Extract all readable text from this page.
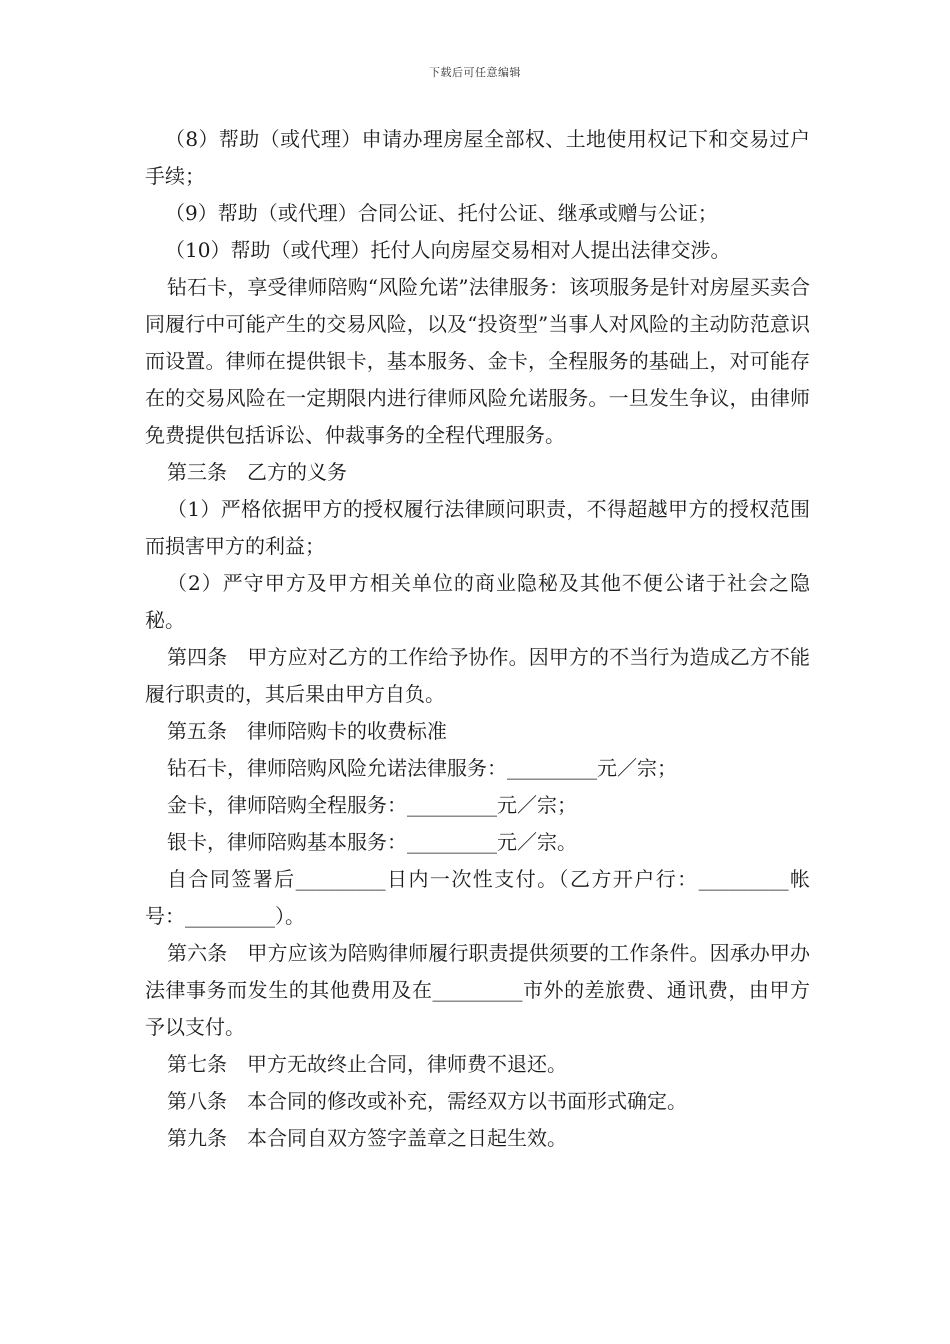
下载后可任意编辑

（8）帮助（或代理）申请办理房屋全部权、土地使用权记下和交易过户手续；

（9）帮助（或代理）合同公证、托付公证、继承或赠与公证；

（10）帮助（或代理）托付人向房屋交易相对人提出法律交涉。

钻石卡，享受律师陪购“风险允诺”法律服务：该项服务是针对房屋买卖合同履行中可能产生的交易风险，以及“投资型”当事人对风险的主动防范意识而设置。律师在提供银卡，基本服务、金卡，全程服务的基础上，对可能存在的交易风险在一定期限内进行律师风险允诺服务。一旦发生争议，由律师免费提供包括诉讼、仲裁事务的全程代理服务。

第三条　乙方的义务

（1）严格依据甲方的授权履行法律顾问职责，不得超越甲方的授权范围而损害甲方的利益；

（2）严守甲方及甲方相关单位的商业隐秘及其他不便公诸于社会之隐秘。

第四条　甲方应对乙方的工作给予协作。因甲方的不当行为造成乙方不能履行职责的，其后果由甲方自负。

第五条　律师陪购卡的收费标准

钻石卡，律师陪购风险允诺法律服务：_________元／宗；

金卡，律师陪购全程服务：_________元／宗；

银卡，律师陪购基本服务：_________元／宗。

自合同签署后_________日内一次性支付。（乙方开户行：_________帐号：_________）。

第六条　甲方应该为陪购律师履行职责提供须要的工作条件。因承办甲办法律事务而发生的其他费用及在_________市外的差旅费、通讯费，由甲方予以支付。

第七条　甲方无故终止合同，律师费不退还。

第八条　本合同的修改或补充，需经双方以书面形式确定。

第九条　本合同自双方签字盖章之日起生效。
